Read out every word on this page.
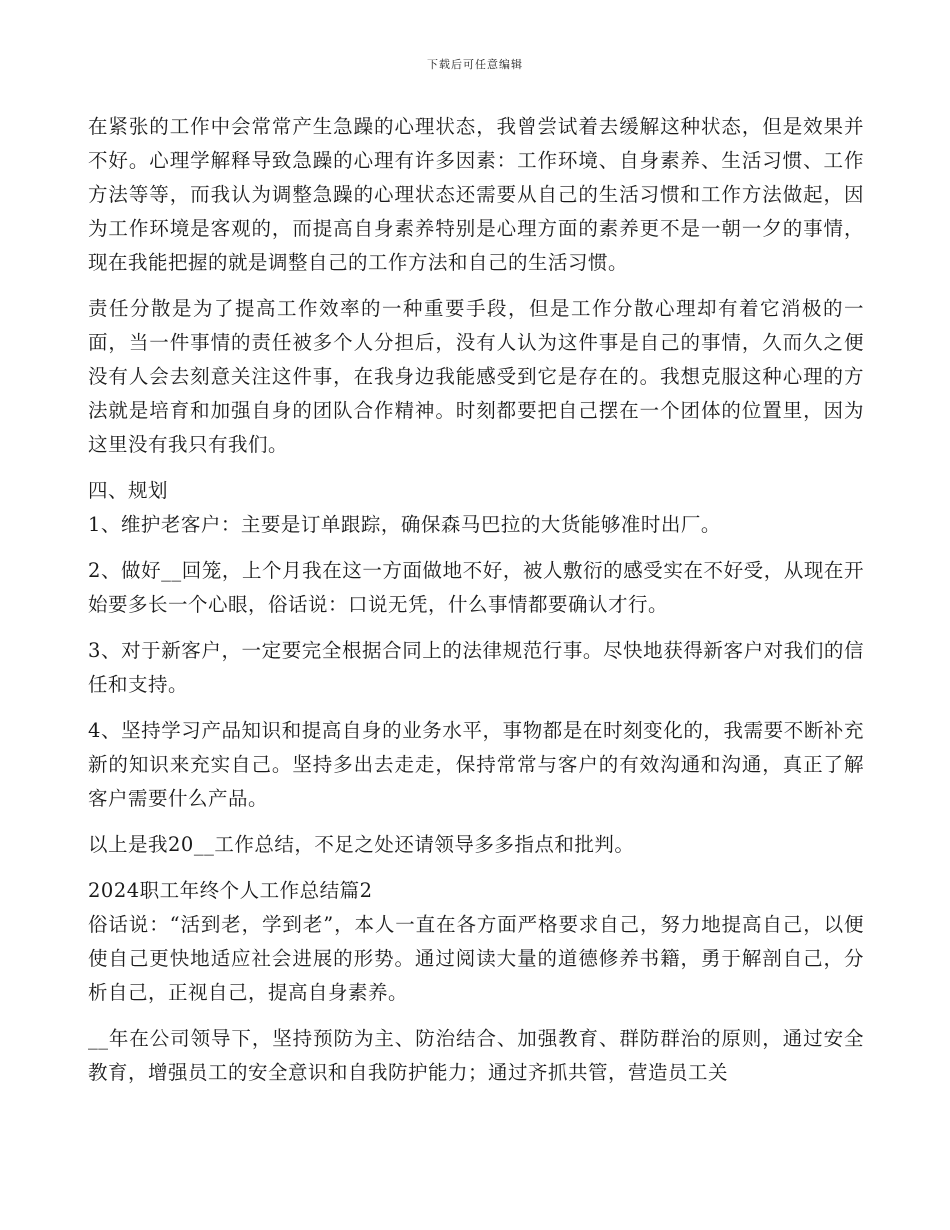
下载后可任意编辑

在紧张的工作中会常常产生急躁的心理状态，我曾尝试着去缓解这种状态，但是效果并不好。心理学解释导致急躁的心理有许多因素：工作环境、自身素养、生活习惯、工作方法等等，而我认为调整急躁的心理状态还需要从自己的生活习惯和工作方法做起，因为工作环境是客观的，而提高自身素养特别是心理方面的素养更不是一朝一夕的事情，现在我能把握的就是调整自己的工作方法和自己的生活习惯。

责任分散是为了提高工作效率的一种重要手段，但是工作分散心理却有着它消极的一面，当一件事情的责任被多个人分担后，没有人认为这件事是自己的事情，久而久之便没有人会去刻意关注这件事，在我身边我能感受到它是存在的。我想克服这种心理的方法就是培育和加强自身的团队合作精神。时刻都要把自己摆在一个团体的位置里，因为这里没有我只有我们。

四、规划

1、维护老客户：主要是订单跟踪，确保森马巴拉的大货能够准时出厂。

2、做好__回笼，上个月我在这一方面做地不好，被人敷衍的感受实在不好受，从现在开始要多长一个心眼，俗话说：口说无凭，什么事情都要确认才行。

3、对于新客户，一定要完全根据合同上的法律规范行事。尽快地获得新客户对我们的信任和支持。

4、坚持学习产品知识和提高自身的业务水平，事物都是在时刻变化的，我需要不断补充新的知识来充实自己。坚持多出去走走，保持常常与客户的有效沟通和沟通，真正了解客户需要什么产品。

以上是我20__工作总结，不足之处还请领导多多指点和批判。

2024职工年终个人工作总结篇2

俗话说：“活到老，学到老”，本人一直在各方面严格要求自己，努力地提高自己，以便使自己更快地适应社会进展的形势。通过阅读大量的道德修养书籍，勇于解剖自己，分析自己，正视自己，提高自身素养。

__年在公司领导下，坚持预防为主、防治结合、加强教育、群防群治的原则，通过安全教育，增强员工的安全意识和自我防护能力；通过齐抓共管，营造员工关
